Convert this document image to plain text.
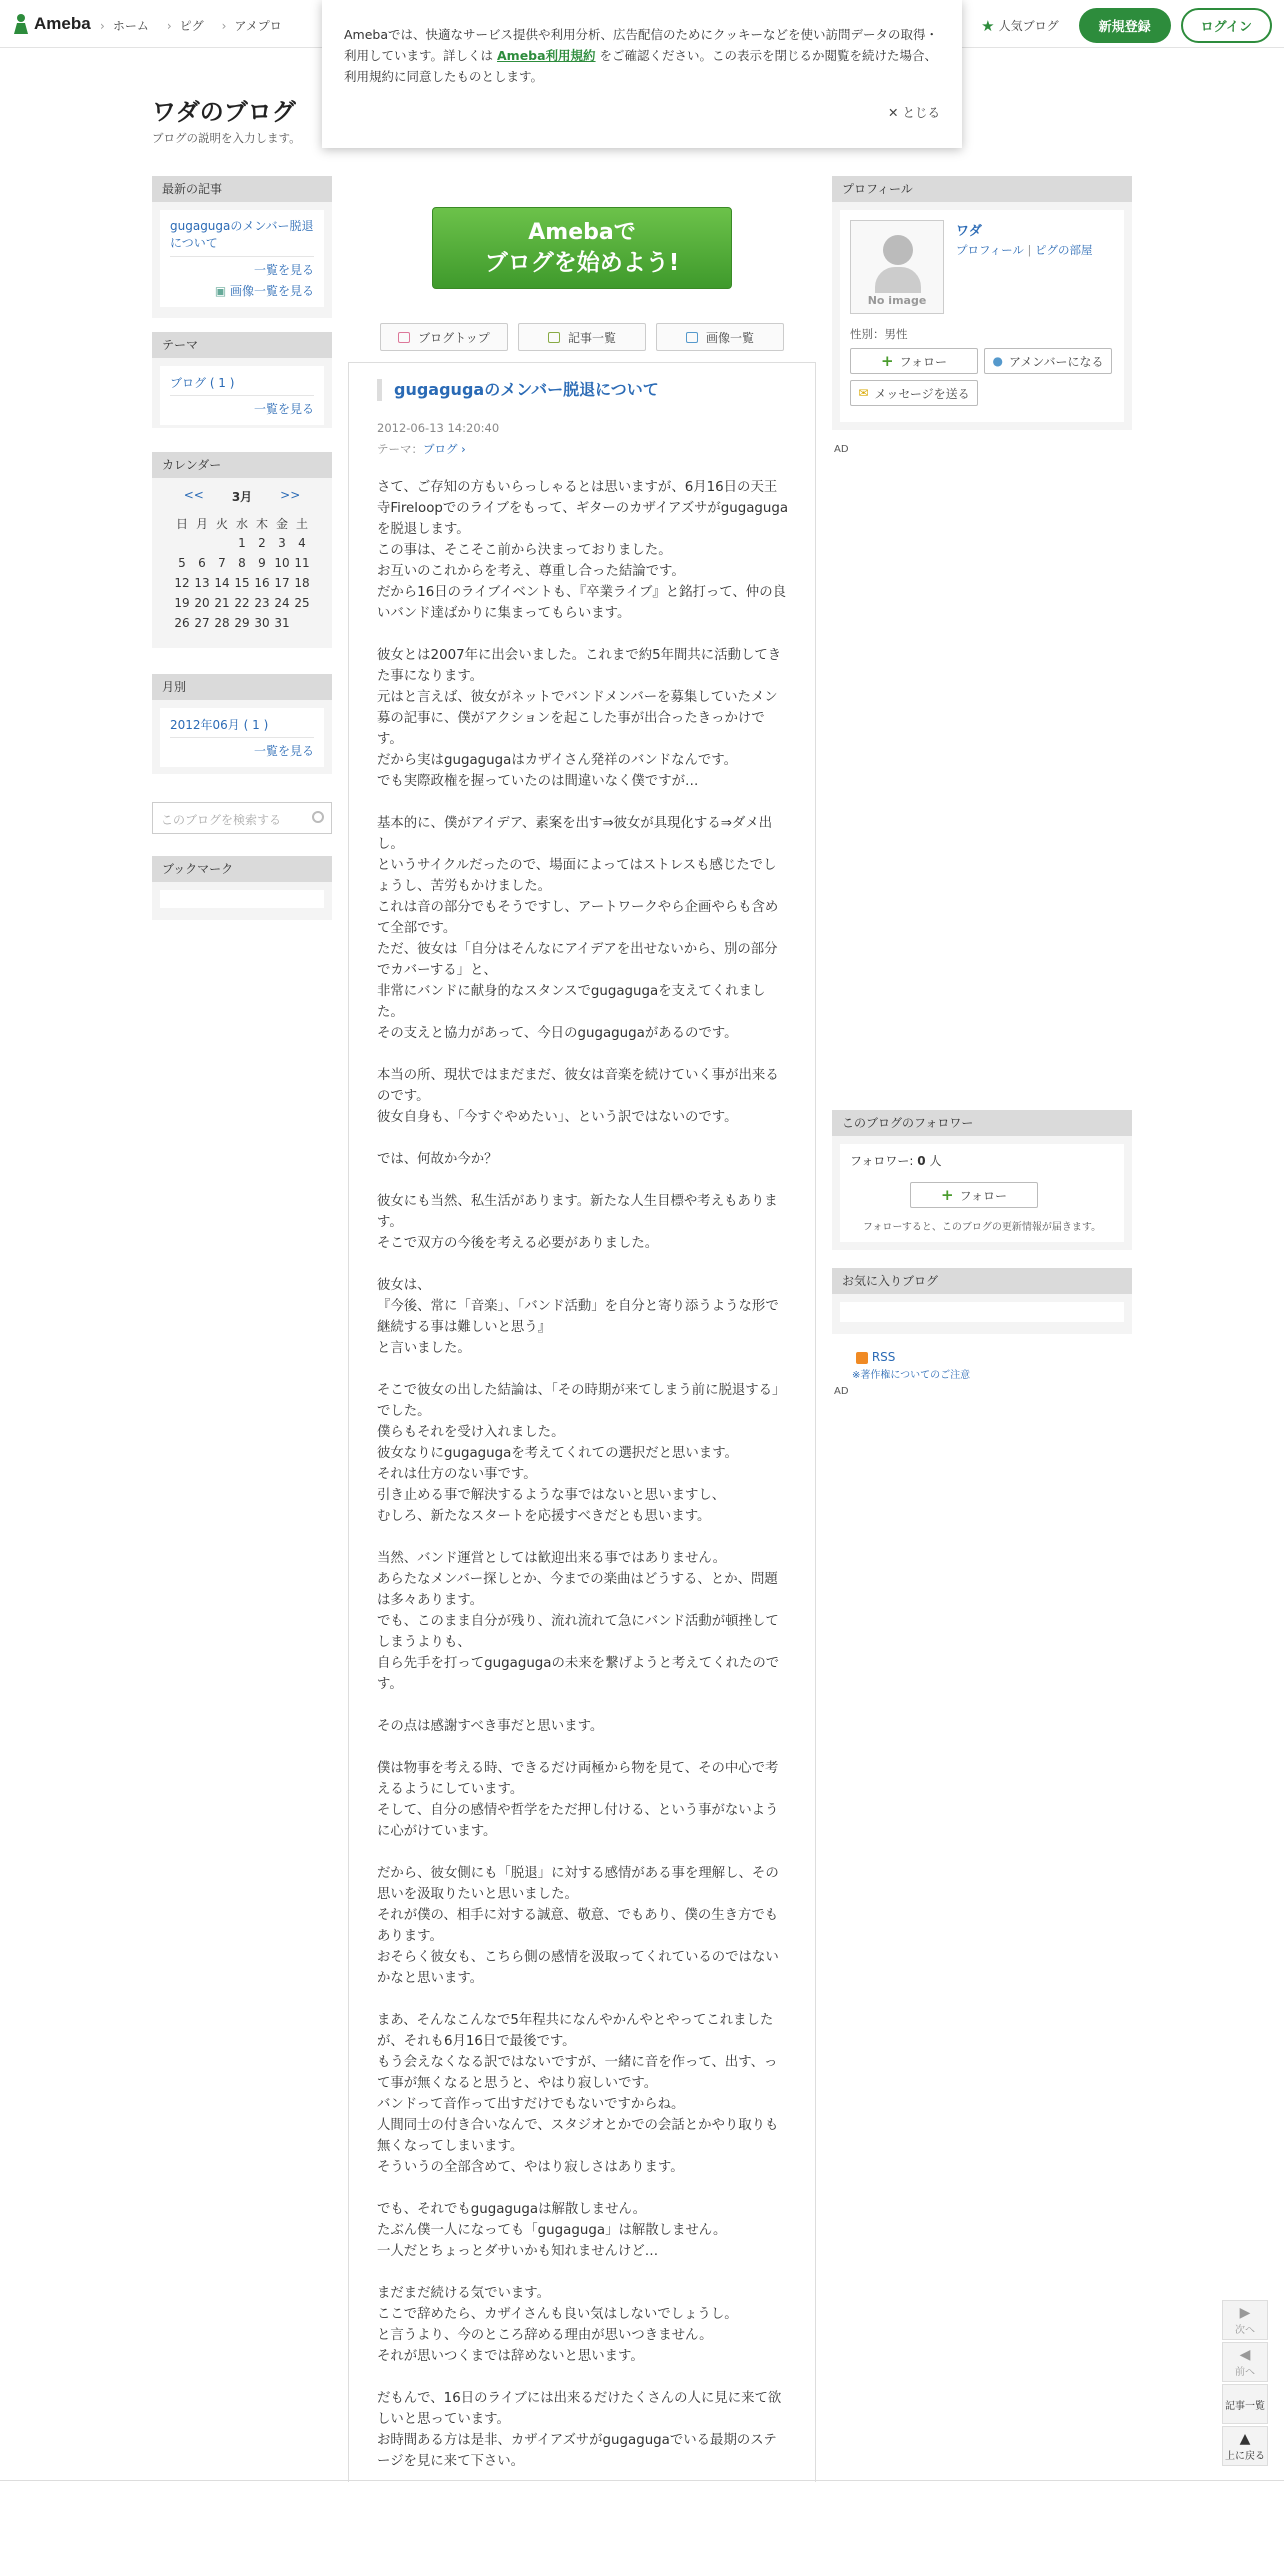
Ameba	› ホーム	› ピグ	› アメプロ	★ 人気ブログ	新規登録	ログイン
Amebaでは、快適なサービス提供や利用分析、広告配信のためにクッキーなどを使い訪問データの取得・利用しています。詳しくは Ameba利用規約 をご確認ください。この表示を閉じるか閲覧を続けた場合、利用規約に同意したものとします。
✕ とじる
ワダのブログ
ブログの説明を入力します。
最新の記事
gugagugaのメンバー脱退について
一覧を見る
▣ 画像一覧を見る
テーマ
ブログ ( 1 )
一覧を見る
カレンダー
<< 3月 >>
日	月	火	水	木	金	土
			1	2	3	4
5	6	7	8	9	10	11
12	13	14	15	16	17	18
19	20	21	22	23	24	25
26	27	28	29	30	31	
月別
2012年06月 ( 1 )
一覧を見る
このブログを検索する
ブックマーク
Amebaで
ブログを始めよう!
ブログトップ	記事一覧	画像一覧
gugagugaのメンバー脱退について
2012-06-13 14:20:40
テーマ：ブログ ›

さて、ご存知の方もいらっしゃるとは思いますが、6月16日の天王寺Fireloopでのライブをもって、ギターのカザイアズサがgugagugaを脱退します。

この事は、そこそこ前から決まっておりました。

お互いのこれからを考え、尊重し合った結論です。

だから16日のライブイベントも、『卒業ライブ』と銘打って、仲の良いバンド達ばかりに集まってもらいます。

彼女とは2007年に出会いました。これまで約5年間共に活動してきた事になります。

元はと言えば、彼女がネットでバンドメンバーを募集していたメン募の記事に、僕がアクションを起こした事が出合ったきっかけです。

だから実はgugagugaはカザイさん発祥のバンドなんです。

でも実際政権を握っていたのは間違いなく僕ですが…

基本的に、僕がアイデア、素案を出す⇒彼女が具現化する⇒ダメ出し。

というサイクルだったので、場面によってはストレスも感じたでしょうし、苦労もかけました。

これは音の部分でもそうですし、アートワークやら企画やらも含めて全部です。

ただ、彼女は「自分はそんなにアイデアを出せないから、別の部分でカバーする」と、

非常にバンドに献身的なスタンスでgugagugaを支えてくれました。

その支えと協力があって、今日のgugagugaがあるのです。

本当の所、現状ではまだまだ、彼女は音楽を続けていく事が出来るのです。

彼女自身も、「今すぐやめたい」、という訳ではないのです。

では、何故か今か？

彼女にも当然、私生活があります。新たな人生目標や考えもあります。

そこで双方の今後を考える必要がありました。

彼女は、

『今後、常に「音楽」、「バンド活動」を自分と寄り添うような形で継続する事は難しいと思う』

と言いました。

そこで彼女の出した結論は、「その時期が来てしまう前に脱退する」でした。

僕らもそれを受け入れました。

彼女なりにgugagugaを考えてくれての選択だと思います。

それは仕方のない事です。

引き止める事で解決するような事ではないと思いますし、

むしろ、新たなスタートを応援すべきだとも思います。

当然、バンド運営としては歓迎出来る事ではありません。

あらたなメンバー探しとか、今までの楽曲はどうする、とか、問題は多々あります。

でも、このまま自分が残り、流れ流れて急にバンド活動が頓挫してしまうよりも、

自ら先手を打ってgugagugaの未来を繋げようと考えてくれたのです。

その点は感謝すべき事だと思います。

僕は物事を考える時、できるだけ両極から物を見て、その中心で考えるようにしています。

そして、自分の感情や哲学をただ押し付ける、という事がないように心がけています。

だから、彼女側にも「脱退」に対する感情がある事を理解し、その思いを汲取りたいと思いました。

それが僕の、相手に対する誠意、敬意、でもあり、僕の生き方でもあります。

おそらく彼女も、こちら側の感情を汲取ってくれているのではないかなと思います。

まあ、そんなこんなで5年程共になんやかんやとやってこれましたが、それも6月16日で最後です。

もう会えなくなる訳ではないですが、一緒に音を作って、出す、って事が無くなると思うと、やはり寂しいです。

バンドって音作って出すだけでもないですからね。

人間同士の付き合いなんで、スタジオとかでの会話とかやり取りも無くなってしまいます。

そういうの全部含めて、やはり寂しさはあります。

でも、それでもgugagugaは解散しません。

たぶん僕一人になっても「gugaguga」は解散しません。

一人だとちょっとダサいかも知れませんけど…

まだまだ続ける気でいます。

ここで辞めたら、カザイさんも良い気はしないでしょうし。

と言うより、今のところ辞める理由が思いつきません。

それが思いつくまでは辞めないと思います。

だもんで、16日のライブには出来るだけたくさんの人に見に来て欲しいと思っています。

お時間ある方は是非、カザイアズサがgugagugaでいる最期のステージを見に来て下さい。

プロフィール
No image
ワダ
プロフィール | ピグの部屋
性別：男性
+ フォロー	● アメンバーになる
✉ メッセージを送る
AD
このブログのフォロワー
フォロワー: 0 人
+ フォロー
フォローすると、このブログの更新情報が届きます。
お気に入りブログ
RSS
※著作権についてのご注意
AD
▶
次へ
◀
前へ
記事一覧
▲
上に戻る
